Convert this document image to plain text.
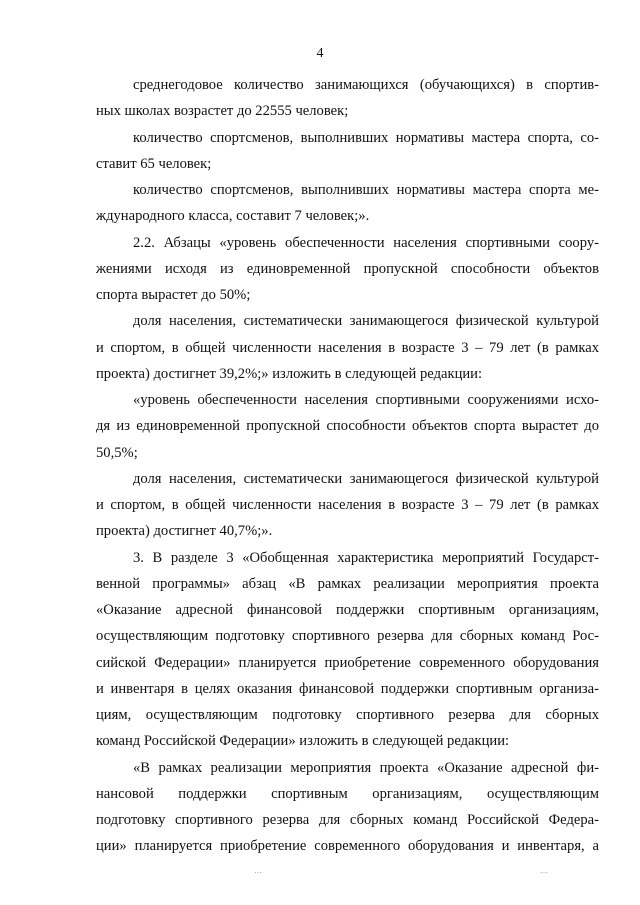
4
среднегодовое количество занимающихся (обучающихся) в спортив-
ных школах возрастет до 22555 человек;
количество спортсменов, выполнивших нормативы мастера спорта, со-
ставит 65 человек;
количество спортсменов, выполнивших нормативы мастера спорта ме-
ждународного класса, составит 7 человек;».
2.2. Абзацы «уровень обеспеченности населения спортивными соору-
жениями исходя из единовременной пропускной способности объектов
спорта вырастет до 50%;
доля населения, систематически занимающегося физической культурой
и спортом, в общей численности населения в возрасте 3 – 79 лет (в рамках
проекта) достигнет 39,2%;» изложить в следующей редакции:
«уровень обеспеченности населения спортивными сооружениями исхо-
дя из единовременной пропускной способности объектов спорта вырастет до
50,5%;
доля населения, систематически занимающегося физической культурой
и спортом, в общей численности населения в возрасте 3 – 79 лет (в рамках
проекта) достигнет 40,7%;».
3. В разделе 3 «Обобщенная характеристика мероприятий Государст-
венной программы» абзац «В рамках реализации мероприятия проекта
«Оказание адресной финансовой поддержки спортивным организациям,
осуществляющим подготовку спортивного резерва для сборных команд Рос-
сийской Федерации» планируется приобретение современного оборудования
и инвентаря в целях оказания финансовой поддержки спортивным организа-
циям, осуществляющим подготовку спортивного резерва для сборных
команд Российской Федерации» изложить в следующей редакции:
«В рамках реализации мероприятия проекта «Оказание адресной фи-
нансовой поддержки спортивным организациям, осуществляющим
подготовку спортивного резерва для сборных команд Российской Федера-
ции» планируется приобретение современного оборудования и инвентаря, а
⋯	⋯
